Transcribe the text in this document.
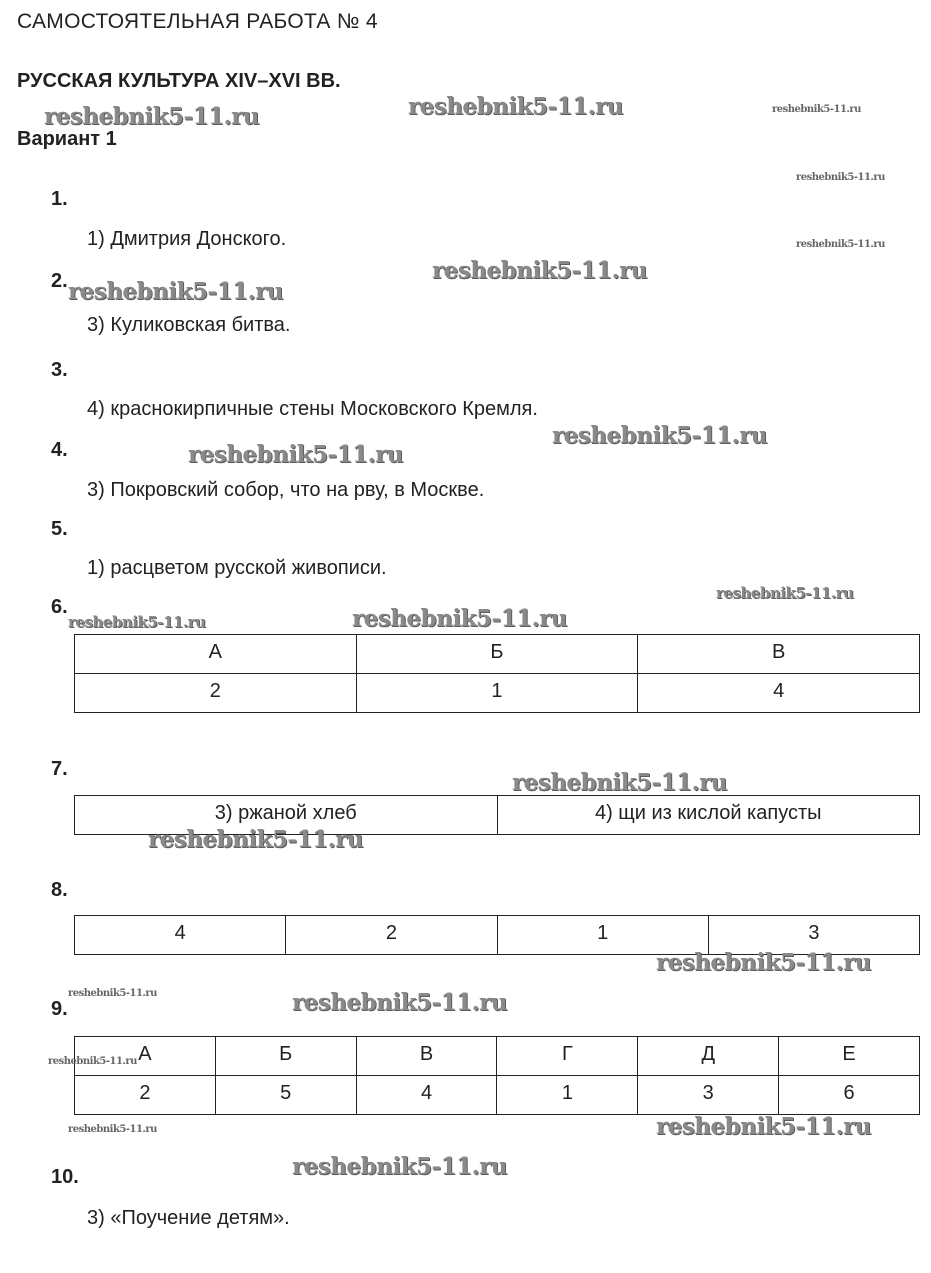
САМОСТОЯТЕЛЬНАЯ РАБОТА № 4
РУССКАЯ КУЛЬТУРА XIV–XVI ВВ.
Вариант 1
1.
1) Дмитрия Донского.
2.
3) Куликовская битва.
3.
4) краснокирпичные стены Московского Кремля.
4.
3) Покровский собор, что на рву, в Москве.
5.
1) расцветом русской живописи.
6.
А	Б	В
2	1	4
7.
3) ржаной хлеб	4) щи из кислой капусты
8.
4	2	1	3
9.
А	Б	В	Г	Д	Е
2	5	4	1	3	6
10.
3) «Поучение детям».
reshebnik5-11.ru	reshebnik5-11.ru	reshebnik5-11.ru
reshebnik5-11.ru
reshebnik5-11.ru
reshebnik5-11.ru
reshebnik5-11.ru
reshebnik5-11.ru
reshebnik5-11.ru
reshebnik5-11.ru
reshebnik5-11.ru
reshebnik5-11.ru
reshebnik5-11.ru
reshebnik5-11.ru
reshebnik5-11.ru
reshebnik5-11.ru	reshebnik5-11.ru
reshebnik5-11.ru
reshebnik5-11.ru
reshebnik5-11.ru
reshebnik5-11.ru
